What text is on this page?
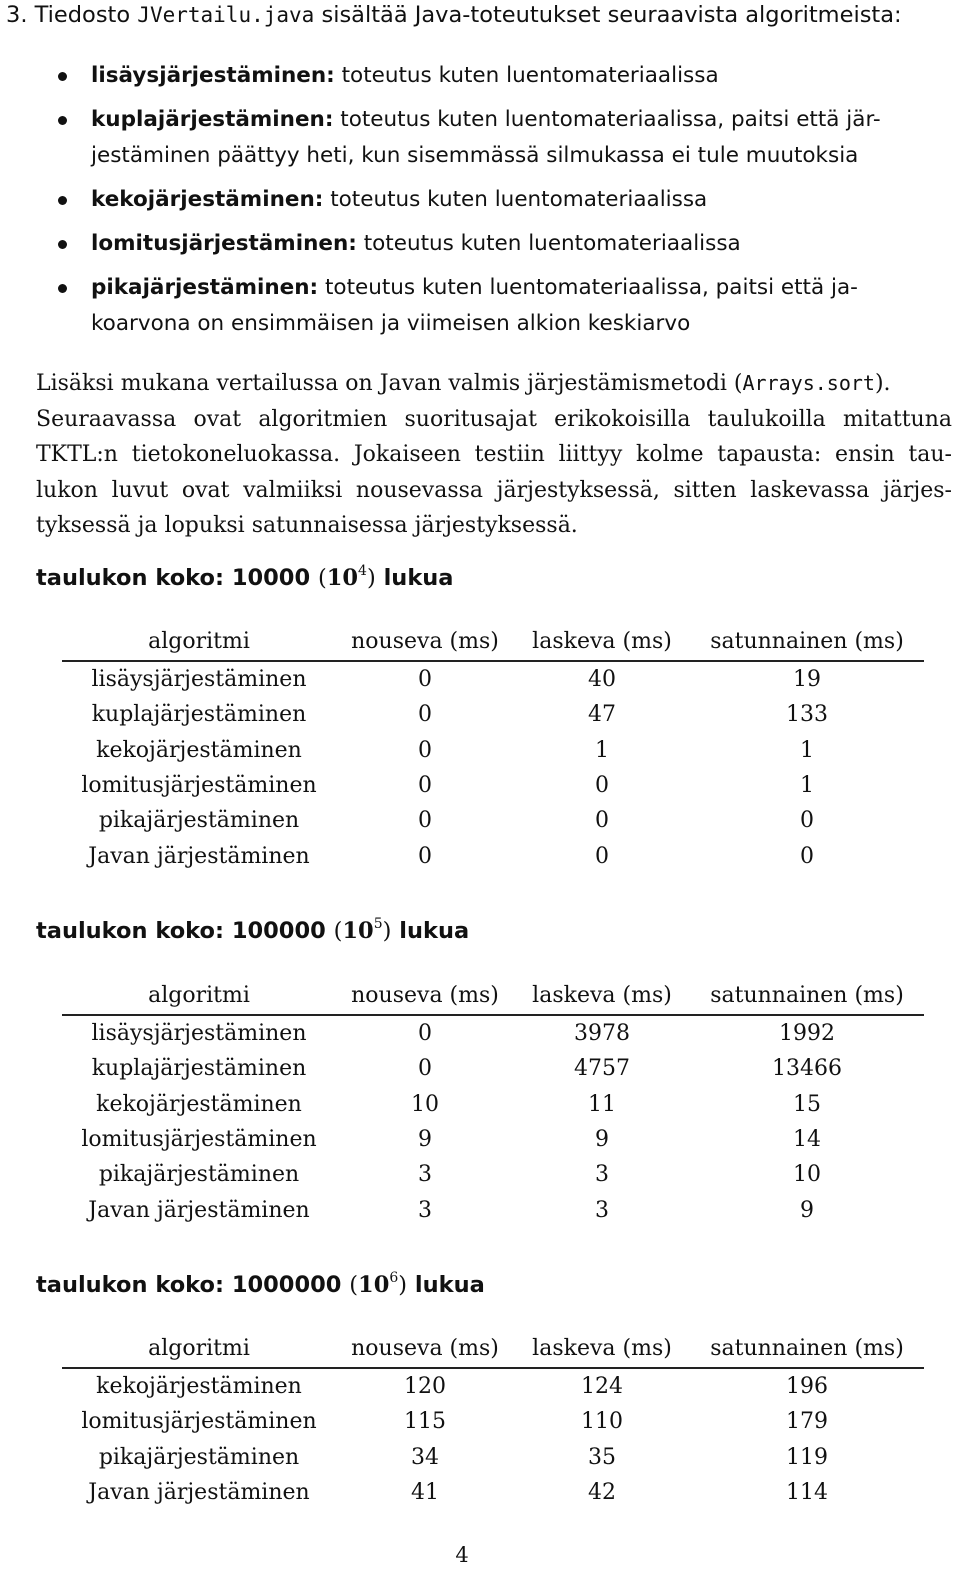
3. Tiedosto JVertailu.java sisältää Java-toteutukset seuraavista algoritmeista:
lisäysjärjestäminen: toteutus kuten luentomateriaalissa
kuplajärjestäminen: toteutus kuten luentomateriaalissa, paitsi että jär-
jestäminen päättyy heti, kun sisemmässä silmukassa ei tule muutoksia
kekojärjestäminen: toteutus kuten luentomateriaalissa
lomitusjärjestäminen: toteutus kuten luentomateriaalissa
pikajärjestäminen: toteutus kuten luentomateriaalissa, paitsi että ja-
koarvona on ensimmäisen ja viimeisen alkion keskiarvo
Lisäksi mukana vertailussa on Javan valmis järjestämismetodi (Arrays.sort).
Seuraavassa ovat algoritmien suoritusajat erikokoisilla taulukoilla mitattuna
TKTL:n tietokoneluokassa. Jokaiseen testiin liittyy kolme tapausta: ensin tau-
lukon luvut ovat valmiiksi nousevassa järjestyksessä, sitten laskevassa järjes-
tyksessä ja lopuksi satunnaisessa järjestyksessä.
taulukon koko: 10000 $(10^4)$ lukua
algoritmi	nouseva (ms)	laskeva (ms)	satunnainen (ms)
lisäysjärjestäminen	0	40	19
kuplajärjestäminen	0	47	133
kekojärjestäminen	0	1	1
lomitusjärjestäminen	0	0	1
pikajärjestäminen	0	0	0
Javan järjestäminen	0	0	0
taulukon koko: 100000 $(10^5)$ lukua
algoritmi	nouseva (ms)	laskeva (ms)	satunnainen (ms)
lisäysjärjestäminen	0	3978	1992
kuplajärjestäminen	0	4757	13466
kekojärjestäminen	10	11	15
lomitusjärjestäminen	9	9	14
pikajärjestäminen	3	3	10
Javan järjestäminen	3	3	9
taulukon koko: 1000000 $(10^6)$ lukua
algoritmi	nouseva (ms)	laskeva (ms)	satunnainen (ms)
kekojärjestäminen	120	124	196
lomitusjärjestäminen	115	110	179
pikajärjestäminen	34	35	119
Javan järjestäminen	41	42	114
4
